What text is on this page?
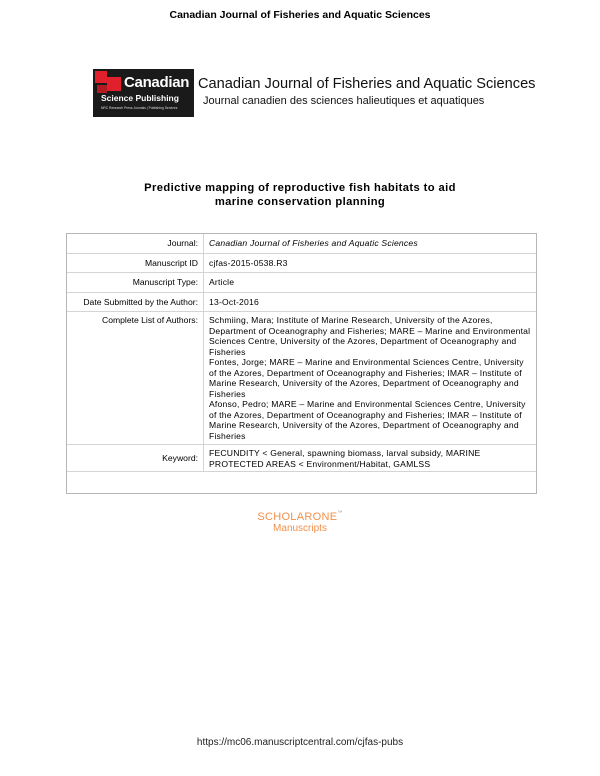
Canadian Journal of Fisheries and Aquatic Sciences
Canadian
Science Publishing
NRC Research Press Journals | Publishing Services
Canadian Journal of Fisheries and Aquatic Sciences
Journal canadien des sciences halieutiques et aquatiques
Predictive mapping of reproductive fish habitats to aid
marine conservation planning
Journal:	Canadian Journal of Fisheries and Aquatic Sciences
Manuscript ID	cjfas-2015-0538.R3
Manuscript Type:	Article
Date Submitted by the Author:	13-Oct-2016
Complete List of Authors:	Schmiing, Mara; Institute of Marine Research, University of the Azores, Department of Oceanography and Fisheries; MARE – Marine and Environmental Sciences Centre, University of the Azores, Department of Oceanography and Fisheries
Fontes, Jorge; MARE – Marine and Environmental Sciences Centre, University of the Azores, Department of Oceanography and Fisheries; IMAR – Institute of Marine Research, University of the Azores, Department of Oceanography and Fisheries
Afonso, Pedro; MARE – Marine and Environmental Sciences Centre, University of the Azores, Department of Oceanography and Fisheries; IMAR – Institute of Marine Research, University of the Azores, Department of Oceanography and Fisheries
Keyword:
FECUNDITY < General, spawning biomass, larval subsidy, MARINE PROTECTED AREAS < Environment/Habitat, GAMLSS
SCHOLARONE™
Manuscripts
https://mc06.manuscriptcentral.com/cjfas-pubs
